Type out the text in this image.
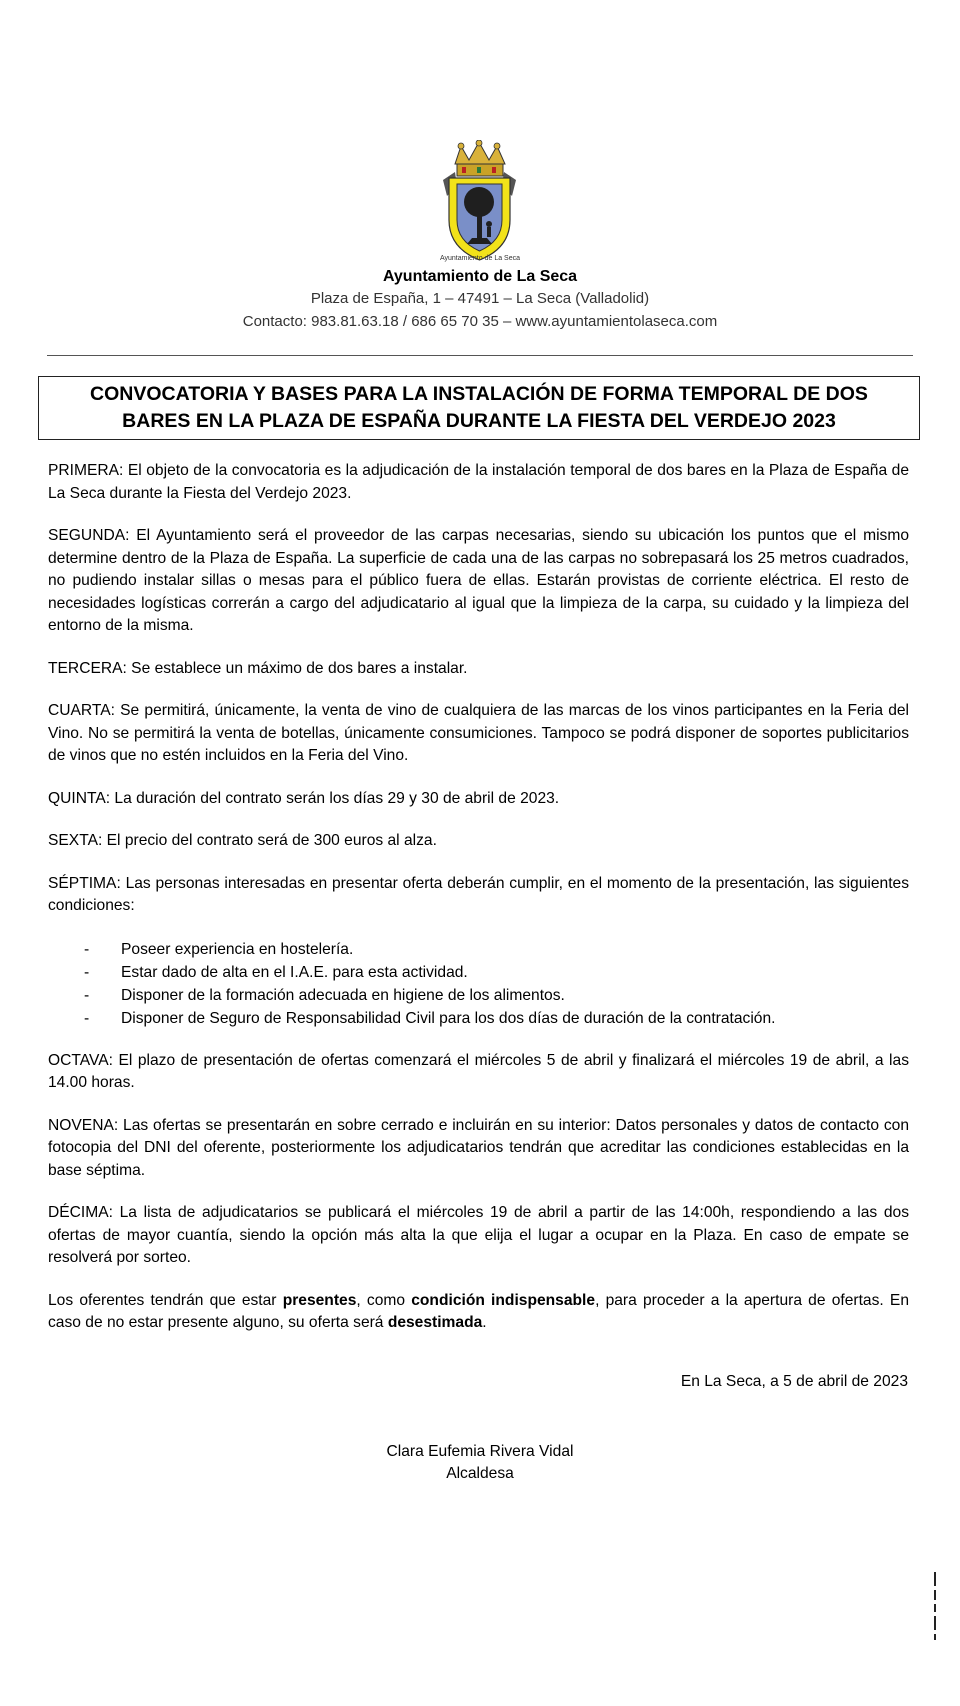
Ayuntamiento de La Seca
Ayuntamiento de La Seca
Plaza de España, 1 – 47491 – La Seca (Valladolid)
Contacto: 983.81.63.18 / 686 65 70 35 – www.ayuntamientolaseca.com
CONVOCATORIA Y BASES PARA LA INSTALACIÓN DE FORMA TEMPORAL DE DOS
BARES EN LA PLAZA DE ESPAÑA DURANTE LA FIESTA DEL VERDEJO 2023

PRIMERA: El objeto de la convocatoria es la adjudicación de la instalación temporal de dos bares en la Plaza de España de La Seca durante la Fiesta del Verdejo 2023.

SEGUNDA: El Ayuntamiento será el proveedor de las carpas necesarias, siendo su ubicación los puntos que el mismo determine dentro de la Plaza de España. La superficie de cada una de las carpas no sobrepasará los 25 metros cuadrados, no pudiendo instalar sillas o mesas para el público fuera de ellas. Estarán provistas de corriente eléctrica. El resto de necesidades logísticas correrán a cargo del adjudicatario al igual que la limpieza de la carpa, su cuidado y la limpieza del entorno de la misma.

TERCERA: Se establece un máximo de dos bares a instalar.

CUARTA: Se permitirá, únicamente, la venta de vino de cualquiera de las marcas de los vinos participantes en la Feria del Vino. No se permitirá la venta de botellas, únicamente consumiciones. Tampoco se podrá disponer de soportes publicitarios de vinos que no estén incluidos en la Feria del Vino.

QUINTA: La duración del contrato serán los días 29 y 30 de abril de 2023.

SEXTA: El precio del contrato será de 300 euros al alza.

SÉPTIMA: Las personas interesadas en presentar oferta deberán cumplir, en el momento de la presentación, las siguientes condiciones:

- Poseer experiencia en hostelería.
- Estar dado de alta en el I.A.E. para esta actividad.
- Disponer de la formación adecuada en higiene de los alimentos.
- Disponer de Seguro de Responsabilidad Civil para los dos días de duración de la contratación.

OCTAVA: El plazo de presentación de ofertas comenzará el miércoles 5 de abril y finalizará el miércoles 19 de abril, a las 14.00 horas.

NOVENA: Las ofertas se presentarán en sobre cerrado e incluirán en su interior: Datos personales y datos de contacto con fotocopia del DNI del oferente, posteriormente los adjudicatarios tendrán que acreditar las condiciones establecidas en la base séptima.

DÉCIMA: La lista de adjudicatarios se publicará el miércoles 19 de abril a partir de las 14:00h, respondiendo a las dos ofertas de mayor cuantía, siendo la opción más alta la que elija el lugar a ocupar en la Plaza. En caso de empate se resolverá por sorteo.

Los oferentes tendrán que estar presentes, como condición indispensable, para proceder a la apertura de ofertas. En caso de no estar presente alguno, su oferta será desestimada.

En La Seca, a 5 de abril de 2023
Clara Eufemia Rivera Vidal
Alcaldesa
